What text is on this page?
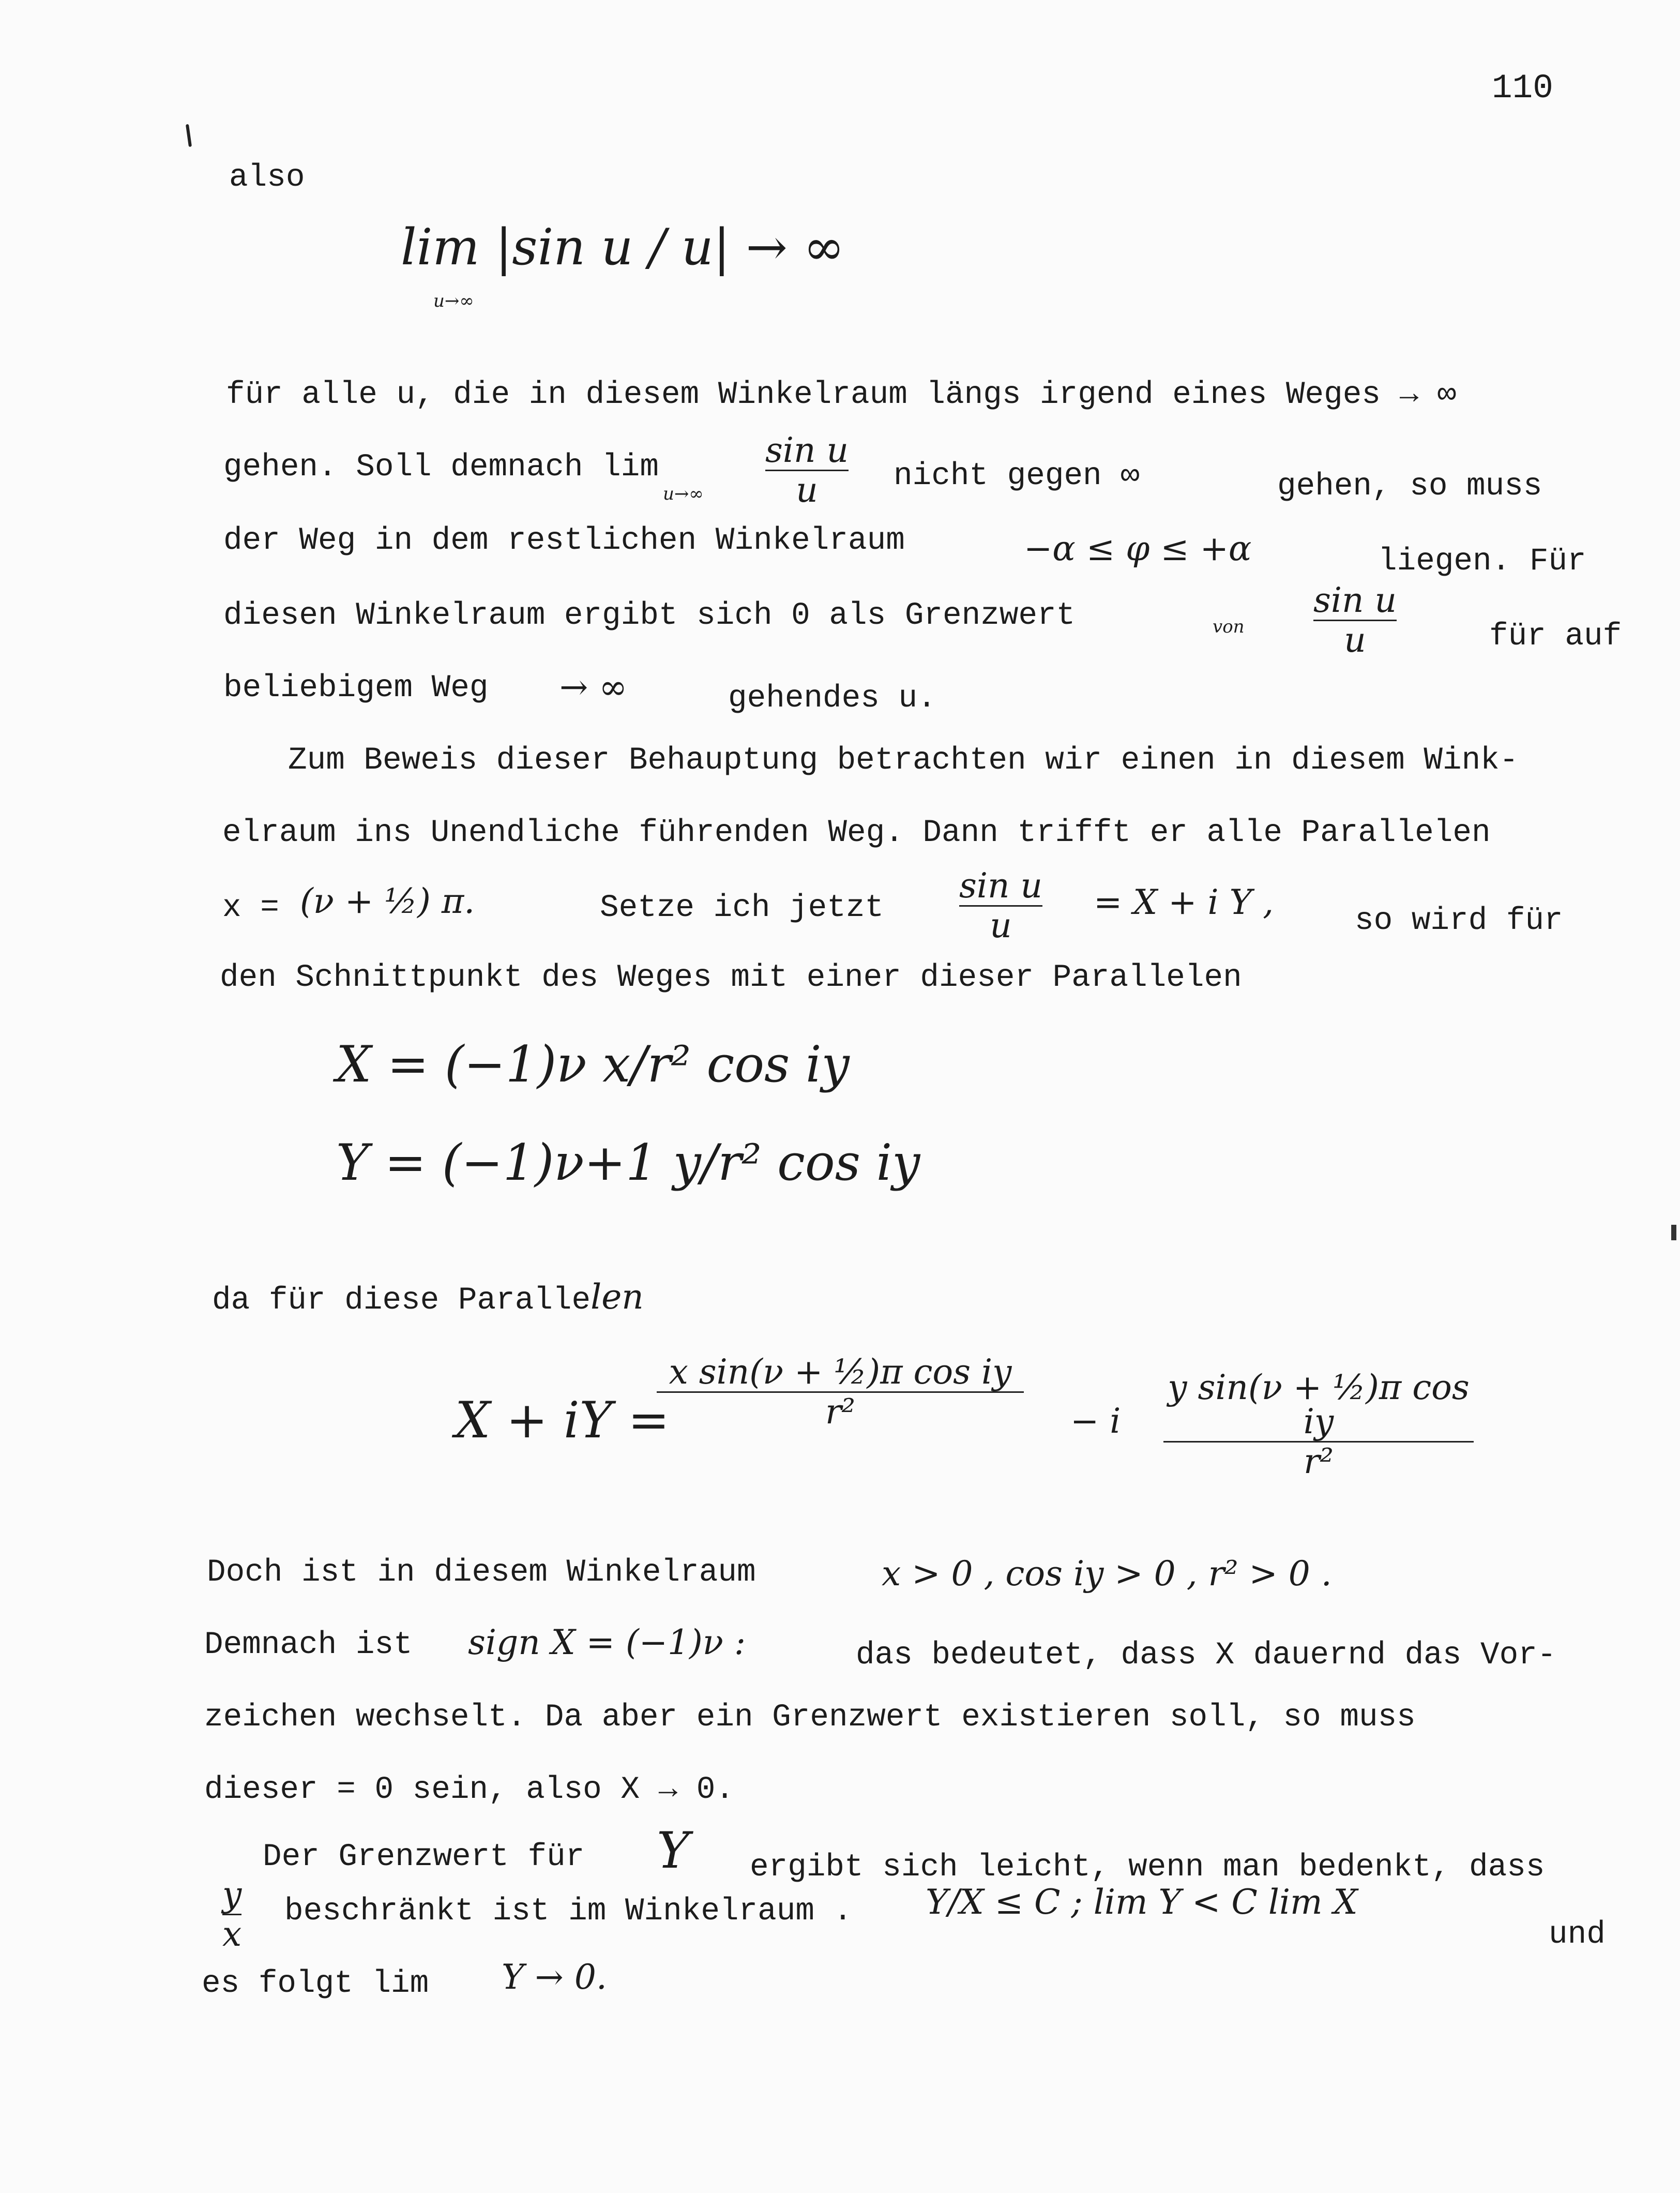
110
also
lim |sin u / u| → ∞
u→∞
für alle u, die in diesem Winkelraum längs irgend eines Weges → ∞
gehen. Soll demnach lim
u→∞
sin u
u	nicht gegen ∞	gehen, so muss
der Weg in dem restlichen Winkelraum	−α ≤ φ ≤ +α	liegen. Für
diesen Winkelraum ergibt sich 0 als Grenzwert	von
sin u
u	für auf
beliebigem Weg → ∞	gehendes u.
Zum Beweis dieser Behauptung betrachten wir einen in diesem Wink-
elraum ins Unendliche führenden Weg. Dann trifft er alle Parallelen
x = (ν + ½) π.	Setze ich jetzt
sin u
u
= X + i Y ,	so wird für
den Schnittpunkt des Weges mit einer dieser Parallelen
X = (−1)ν x/r² cos iy
Y = (−1)ν+1 y/r² cos iy
da für diese Parallelen
X + iY =
x sin(ν + ½)π cos iy
r²	− i
y sin(ν + ½)π cos iy
r²
Doch ist in diesem Winkelraum	x > 0 , cos iy > 0 , r² > 0 .
Demnach ist sign X = (−1)ν :	das bedeutet, dass X dauernd das Vor-
zeichen wechselt. Da aber ein Grenzwert existieren soll, so muss
dieser = 0 sein, also X → 0.
Der Grenzwert für Y ergibt sich leicht, wenn man bedenkt, dass
y
x
beschränkt ist im Winkelraum . Y/X ≤ C ; lim Y < C lim X
und
es folgt lim Y → 0.
